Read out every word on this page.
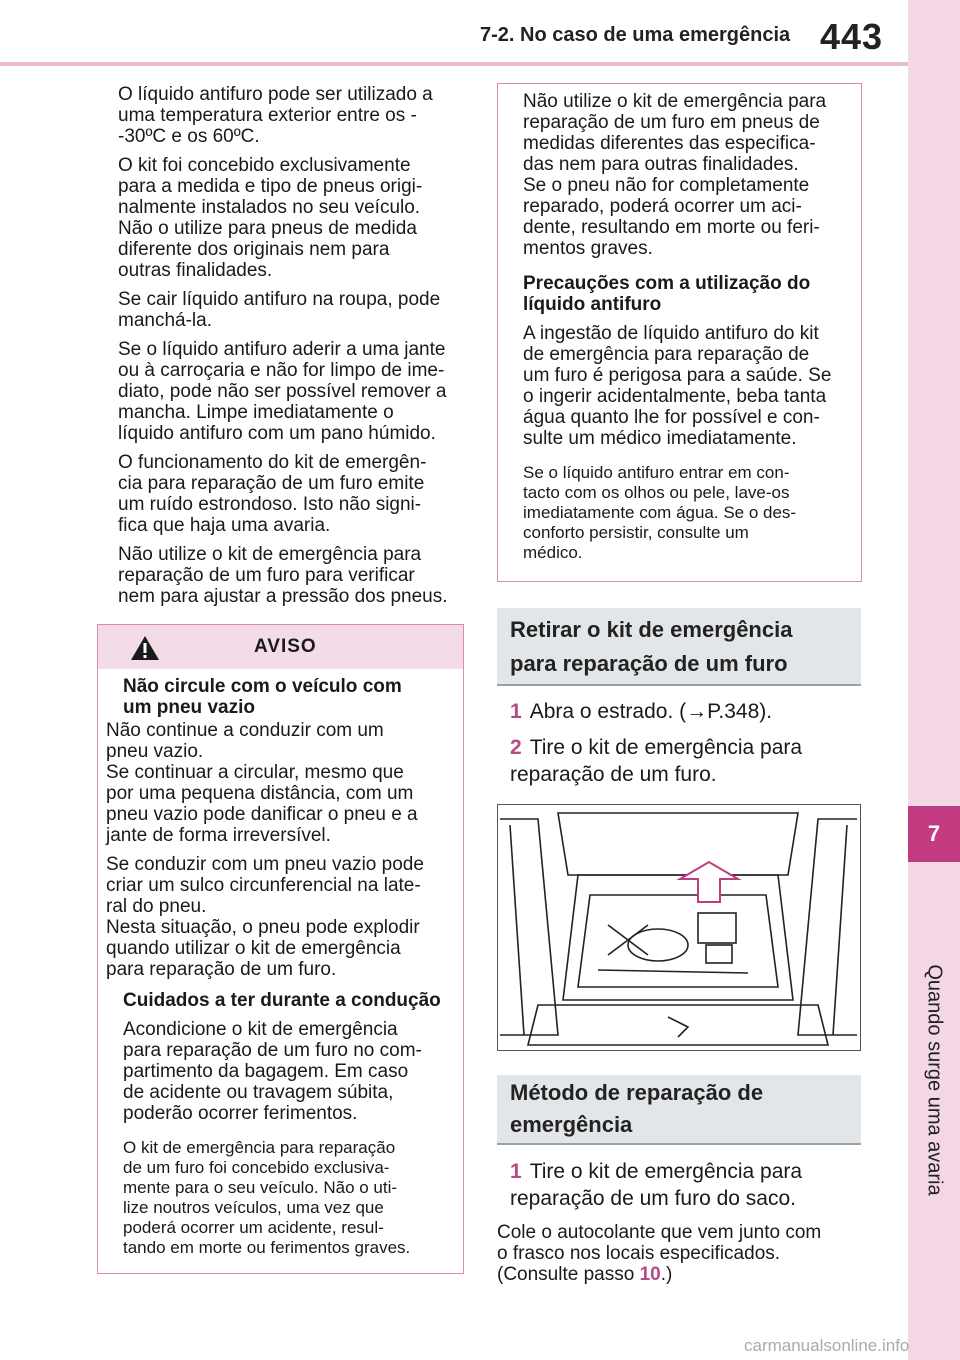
7-2. No caso de uma emergência 443
7
Quando surge uma avaria

O líquido antifuro pode ser utilizado a
uma temperatura exterior entre os -
-30ºC e os 60ºC.

O kit foi concebido exclusivamente
para a medida e tipo de pneus origi-
nalmente instalados no seu veículo.
Não o utilize para pneus de medida
diferente dos originais nem para
outras finalidades.

Se cair líquido antifuro na roupa, pode
manchá-la.

Se o líquido antifuro aderir a uma jante
ou à carroçaria e não for limpo de ime-
diato, pode não ser possível remover a
mancha. Limpe imediatamente o
líquido antifuro com um pano húmido.

O funcionamento do kit de emergên-
cia para reparação de um furo emite
um ruído estrondoso. Isto não signi-
fica que haja uma avaria.

Não utilize o kit de emergência para
reparação de um furo para verificar
nem para ajustar a pressão dos pneus.

AVISO

Não circule com o veículo com
um pneu vazio

Não continue a conduzir com um
pneu vazio.
Se continuar a circular, mesmo que
por uma pequena distância, com um
pneu vazio pode danificar o pneu e a
jante de forma irreversível.

Se conduzir com um pneu vazio pode
criar um sulco circunferencial na late-
ral do pneu.
Nesta situação, o pneu pode explodir
quando utilizar o kit de emergência
para reparação de um furo.

Cuidados a ter durante a condução

Acondicione o kit de emergência
para reparação de um furo no com-
partimento da bagagem. Em caso
de acidente ou travagem súbita,
poderão ocorrer ferimentos.

O kit de emergência para reparação
de um furo foi concebido exclusiva-
mente para o seu veículo. Não o uti-
lize noutros veículos, uma vez que
poderá ocorrer um acidente, resul-
tando em morte ou ferimentos graves.

Não utilize o kit de emergência para
reparação de um furo em pneus de
medidas diferentes das especifica-
das nem para outras finalidades.
Se o pneu não for completamente
reparado, poderá ocorrer um aci-
dente, resultando em morte ou feri-
mentos graves.

Precauções com a utilização do
líquido antifuro

A ingestão de líquido antifuro do kit
de emergência para reparação de
um furo é perigosa para a saúde. Se
o ingerir acidentalmente, beba tanta
água quanto lhe for possível e con-
sulte um médico imediatamente.

Se o líquido antifuro entrar em con-
tacto com os olhos ou pele, lave-os
imediatamente com água. Se o des-
conforto persistir, consulte um
médico.

Retirar o kit de emergência
para reparação de um furo
1 Abra o estrado. (→P.348).
2 Tire o kit de emergência para
reparação de um furo.
Método de reparação de
emergência
1 Tire o kit de emergência para
reparação de um furo do saco.
Cole o autocolante que vem junto com
o frasco nos locais especificados.
(Consulte passo 10.)
carmanualsonline.info
